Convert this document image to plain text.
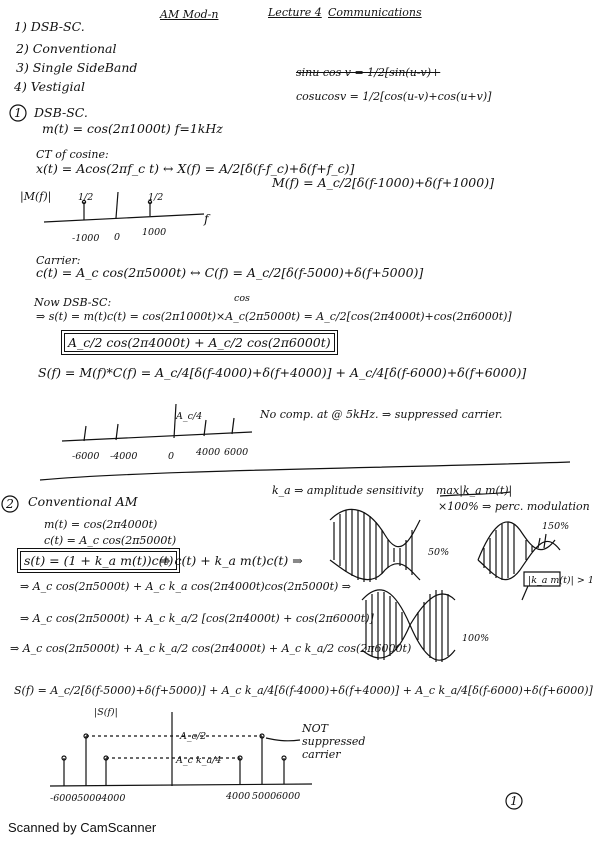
AM Mod-n	Lecture 4 Communications
1) DSB-SC.
2) Conventional
3) Single SideBand
4) Vestigial
sinu cos v = 1/2[sin(u-v)+
cosucosv = 1/2[cos(u-v)+cos(u+v)]
1 DSB-SC.
m(t) = cos(2π1000t) f=1kHz
CT of cosine:
x(t) = Acos(2πf_c t) ↔ X(f) = A/2[δ(f-f_c)+δ(f+f_c)]
|M(f)|
M(f) = A_c/2[δ(f-1000)+δ(f+1000)]
1/2	1/2
-1000 0 1000
f
Carrier:
c(t) = A_c cos(2π5000t) ↔ C(f) = A_c/2[δ(f-5000)+δ(f+5000)]
Now DSB-SC:	cos
⇒ s(t) = m(t)c(t) = cos(2π1000t)×A_c(2π5000t) = A_c/2[cos(2π4000t)+cos(2π6000t)]
A_c/2 cos(2π4000t) + A_c/2 cos(2π6000t)
S(f) = M(f)*C(f) = A_c/4[δ(f-4000)+δ(f+4000)] + A_c/4[δ(f-6000)+δ(f+6000)]
A_c/4
-6000 -4000	0 4000 6000
No comp. at @ 5kHz. ⇒ suppressed carrier.
2 Conventional AM
k_a ⇒ amplitude sensitivity max|k_a m(t)|
×100% ⇒ perc. modulation
m(t) = cos(2π4000t)
c(t) = A_c cos(2π5000t)
s(t) = (1 + k_a m(t))c(t)
⇒ c(t) + k_a m(t)c(t) ⇒
⇒ A_c cos(2π5000t) + A_c k_a cos(2π4000t)cos(2π5000t) ⇒
⇒ A_c cos(2π5000t) + A_c k_a/2 [cos(2π4000t) + cos(2π6000t)]
⇒ A_c cos(2π5000t) + A_c k_a/2 cos(2π4000t) + A_c k_a/2 cos(2π6000t)
50%
150%
100%
|k_a m(t)| > 1
S(f) = A_c/2[δ(f-5000)+δ(f+5000)] + A_c k_a/4[δ(f-4000)+δ(f+4000)] + A_c k_a/4[δ(f-6000)+δ(f+6000)]
|S(f)|
A_c/2
A_c k_a/4
NOT suppressed carrier
-6000
-5000
-4000	4000 5000 6000	1
Scanned by CamScanner
